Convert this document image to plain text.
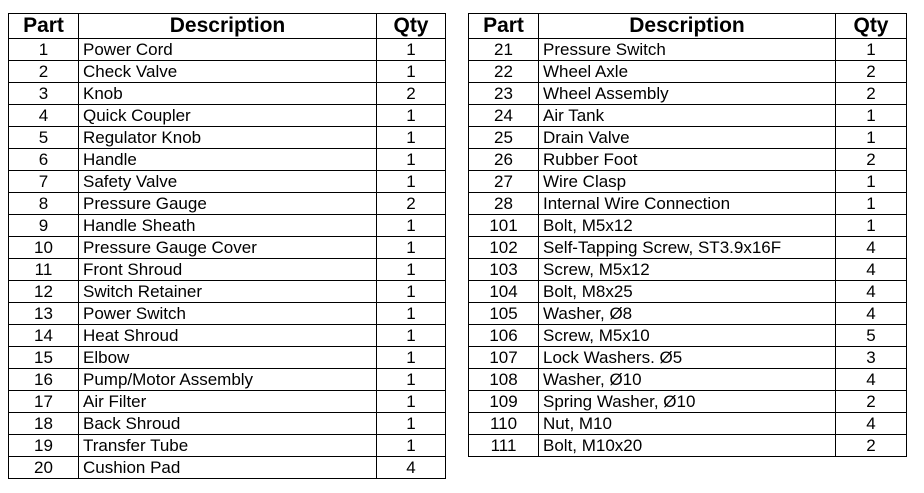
Part	Description	Qty
1	Power Cord	1
2	Check Valve	1
3	Knob	2
4	Quick Coupler	1
5	Regulator Knob	1
6	Handle	1
7	Safety Valve	1
8	Pressure Gauge	2
9	Handle Sheath	1
10	Pressure Gauge Cover	1
11	Front Shroud	1
12	Switch Retainer	1
13	Power Switch	1
14	Heat Shroud	1
15	Elbow	1
16	Pump/Motor Assembly	1
17	Air Filter	1
18	Back Shroud	1
19	Transfer Tube	1
20	Cushion Pad	4
Part	Description	Qty
21	Pressure Switch	1
22	Wheel Axle	2
23	Wheel Assembly	2
24	Air Tank	1
25	Drain Valve	1
26	Rubber Foot	2
27	Wire Clasp	1
28	Internal Wire Connection	1
101	Bolt, M5x12	1
102	Self-Tapping Screw, ST3.9x16F	4
103	Screw, M5x12	4
104	Bolt, M8x25	4
105	Washer, Ø8	4
106	Screw, M5x10	5
107	Lock Washers. Ø5	3
108	Washer, Ø10	4
109	Spring Washer, Ø10	2
110	Nut, M10	4
111	Bolt, M10x20	2
